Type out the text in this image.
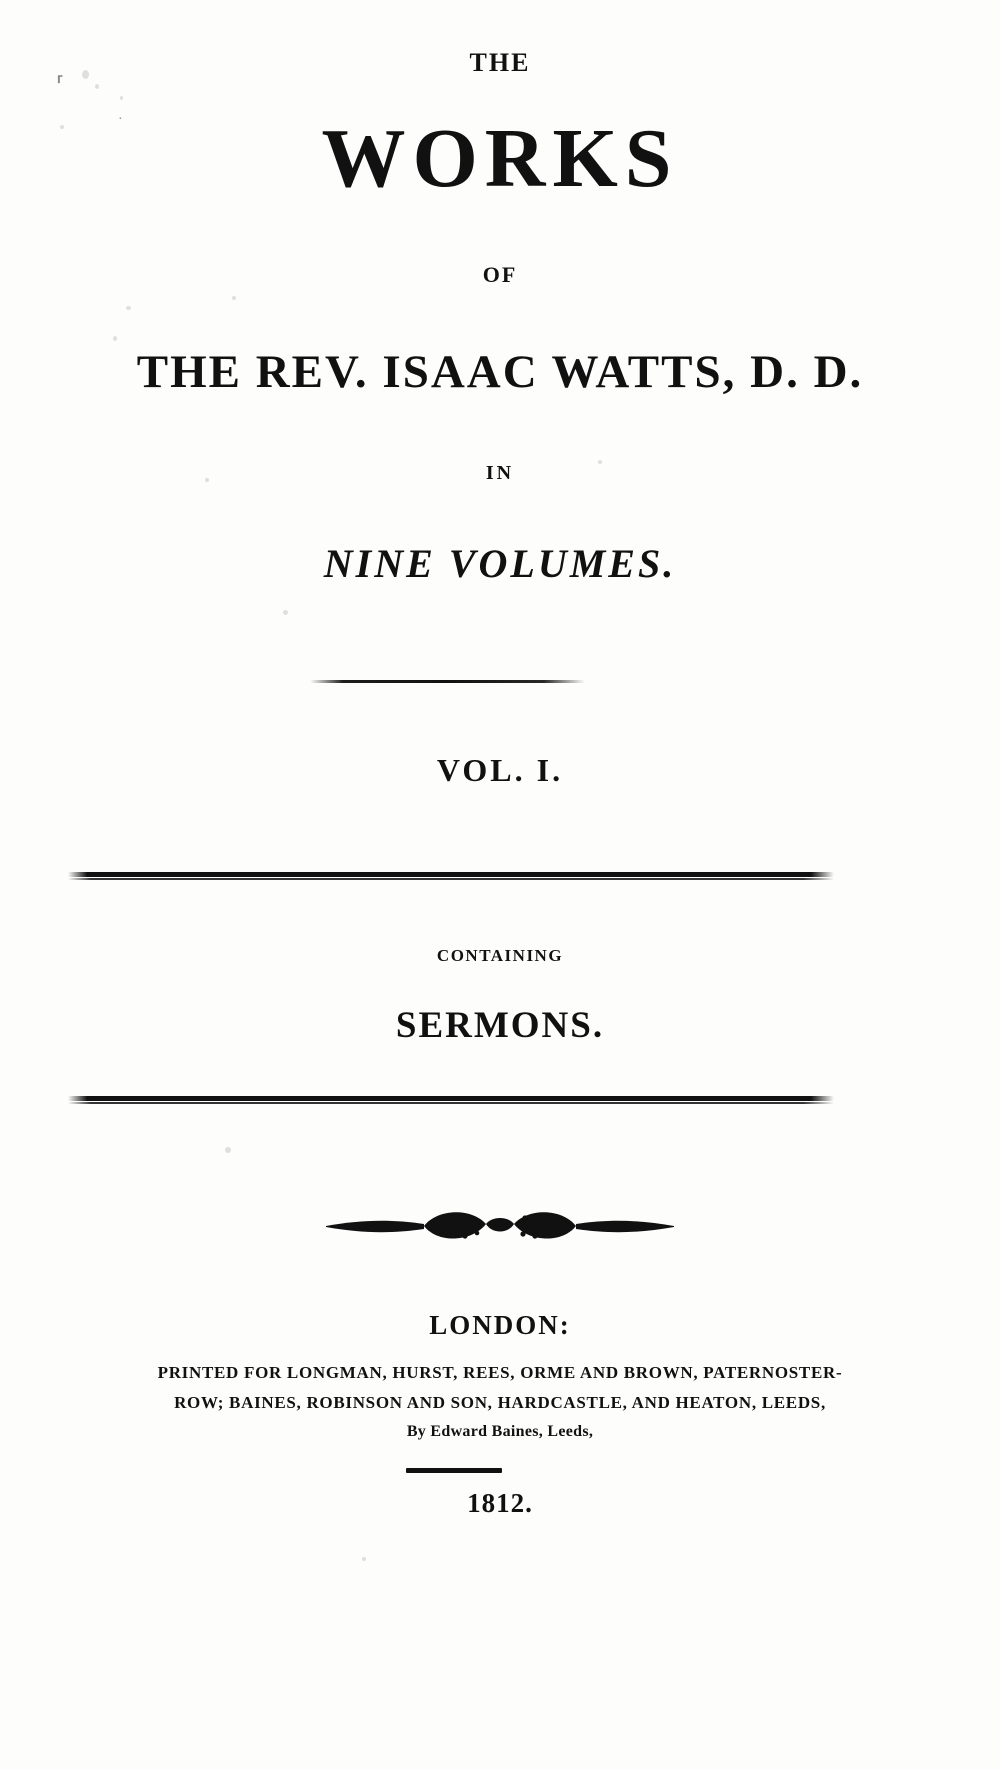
⸢
·
THE
WORKS
OF
THE REV. ISAAC WATTS, D. D.
IN
NINE VOLUMES.
VOL. I.
CONTAINING
SERMONS.
LONDON:
PRINTED FOR LONGMAN, HURST, REES, ORME AND BROWN, PATERNOSTER-
ROW; BAINES, ROBINSON AND SON, HARDCASTLE, AND HEATON, LEEDS,
By Edward Baines, Leeds,
1812.
